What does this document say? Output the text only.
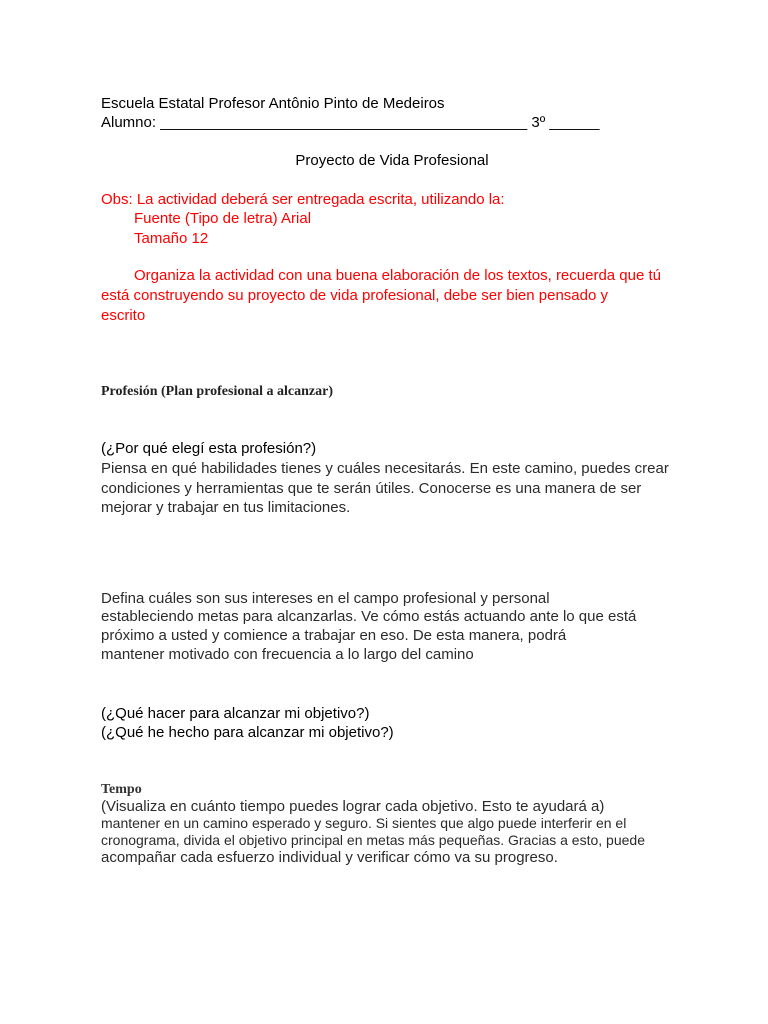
Escuela Estatal Profesor Antônio Pinto de Medeiros
Alumno: ____________________________________________ 3º ______
Proyecto de Vida Profesional
Obs: La actividad deberá ser entregada escrita, utilizando la:
Fuente (Tipo de letra) Arial
Tamaño 12
Organiza la actividad con una buena elaboración de los textos, recuerda que tú
está construyendo su proyecto de vida profesional, debe ser bien pensado y
escrito
Profesión (Plan profesional a alcanzar)
(¿Por qué elegí esta profesión?)
Piensa en qué habilidades tienes y cuáles necesitarás. En este camino, puedes crear
condiciones y herramientas que te serán útiles. Conocerse es una manera de ser
mejorar y trabajar en tus limitaciones.
Defina cuáles son sus intereses en el campo profesional y personal
estableciendo metas para alcanzarlas. Ve cómo estás actuando ante lo que está
próximo a usted y comience a trabajar en eso. De esta manera, podrá
mantener motivado con frecuencia a lo largo del camino
(¿Qué hacer para alcanzar mi objetivo?)
(¿Qué he hecho para alcanzar mi objetivo?)
Tempo
(Visualiza en cuánto tiempo puedes lograr cada objetivo. Esto te ayudará a)
mantener en un camino esperado y seguro. Si sientes que algo puede interferir en el
cronograma, divida el objetivo principal en metas más pequeñas. Gracias a esto, puede
acompañar cada esfuerzo individual y verificar cómo va su progreso.
